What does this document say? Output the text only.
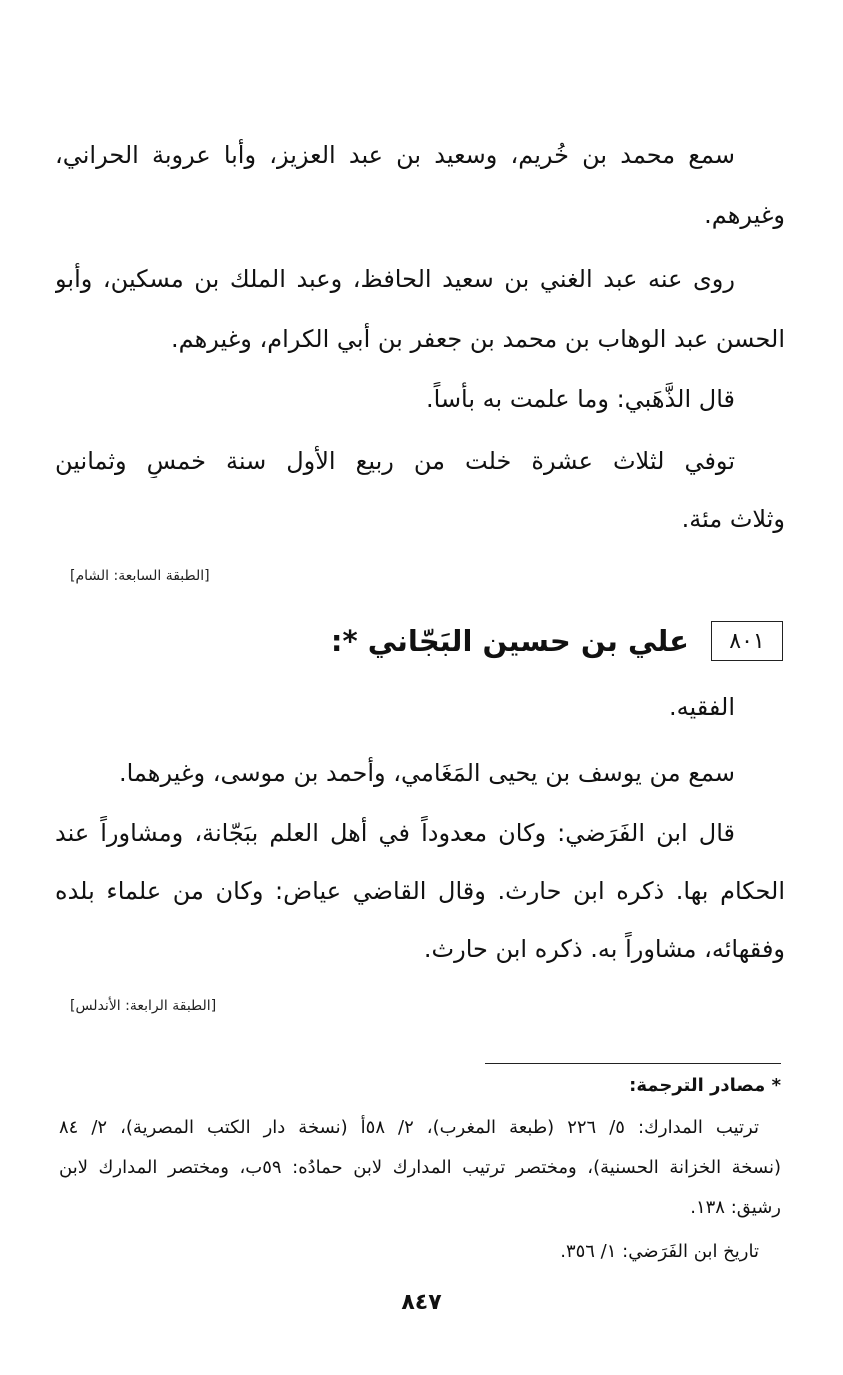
سمع محمد بن خُريم، وسعيد بن عبد العزيز، وأبا عروبة الحراني،
وغيرهم.
روى عنه عبد الغني بن سعيد الحافظ، وعبد الملك بن مسكين، وأبو
الحسن عبد الوهاب بن محمد بن جعفر بن أبي الكرام، وغيرهم.
قال الذَّهَبي: وما علمت به بأساً.
توفي لثلاث عشرة خلت من ربيع الأول سنة خمسٍ وثمانين
وثلاث مئة.
[الطبقة السابعة: الشام]
٨٠١
علي بن حسين البَجّاني *:
الفقيه.
سمع من يوسف بن يحيى المَغَامي، وأحمد بن موسى، وغيرهما.
قال ابن الفَرَضي: وكان معدوداً في أهل العلم ببَجّانة، ومشاوراً عند
الحكام بها. ذكره ابن حارث. وقال القاضي عياض: وكان من علماء بلده
وفقهائه، مشاوراً به. ذكره ابن حارث.
[الطبقة الرابعة: الأندلس]
* مصادر الترجمة:
ترتيب المدارك: ٥/ ٢٢٦ (طبعة المغرب)، ٢/ ٥٨أ (نسخة دار الكتب المصرية)، ٢/ ٨٤
(نسخة الخزانة الحسنية)، ومختصر ترتيب المدارك لابن حمادُه: ٥٩ب، ومختصر المدارك لابن
رشيق: ١٣٨.
تاريخ ابن الفَرَضي: ١/ ٣٥٦.
٨٤٧
